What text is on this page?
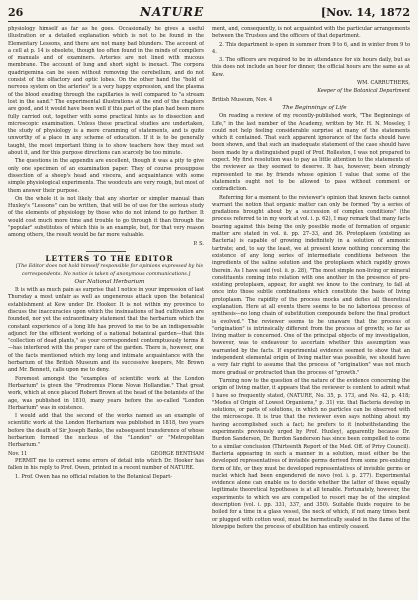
26	NATURE	[Nov. 14, 1872

physiology himself as far as he goes. Occasionally he gives a useful illustration or a detailed explanation which is not to be found in the Elementary Lessons, and there are not many bad blunders. The account of a cell at p. 14 is obsolete, though too often found in the minds of compilers of manuals and of examiners. Arteries are not lined with mucous membrane. The account of lung and short sight is inexact. The corpora quadrigemina can be seen without removing the cerebellum, and do not consist of the olfactory and optic lobes. On the other hand the "hold of nervous system on the arteries" is a very happy expression, and the plasma of the blood exuding through the capillaries is well compared to "a stream lost in the sand." The experimental illustrations at the end of the chapters are good, and it would have been well if this part of the plan had been more fully carried out, together with some practical hints as to dissection and microscopic examination. Unless these practical studies are undertaken, the study of physiology is a mere cramming of statements, and is quite unworthy of a place in any scheme of education. If it is to be generally taught, the most important thing is to show teachers how they must set about it, and for this purpose directions can scarcely be too minute.

The questions in the appendix are excellent, though it was a pity to give only one specimen of an examination paper. They of course presuppose dissection of a sheep's head and viscera, and acquaintance with some simple physiological experiments. The woodcuts are very rough, but most of them answer their purpose.

On the whole it is not likely that any shorter or simpler manual than Huxley's "Lessons" can be written, that will be of use for the serious study of the elements of physiology by those who do not intend to go further. It would cost much more time and trouble to go through it than through the "popular" substitutes of which this is an example, but, for that very reason among others, the result would be far more valuable.

P. S.

LETTERS TO THE EDITOR

[The Editor does not hold himself responsible for opinions expressed by his correspondents. No notice is taken of anonymous communications.]

Our National Herbarium

It is with as much pain as surprise that I notice in your impression of last Thursday a most unfair as well as ungenerous attack upon the botanical establishment at Kew under Dr. Hooker. It is not within my province to discuss the inaccuracies upon which the insinuations of bad cultivation are founded, nor yet the extraordinary statement that the herbarium which the constant experience of a long life has proved to me to be an indispensable adjunct for the efficient working of a national botanical garden—that this "collection of dead plants," as your correspondent contemptuously terms it—has interfered with the proper care of the garden. There is, however, one of the facts mentioned which my long and intimate acquaintance with the herbarium of the British Museum and its successive keepers, Mr. Brown and Mr. Bennett, calls upon me to deny.

Foremost amongst the "examples of scientific work at the London Herbarium" is given the "Prodromus Floræ Novæ Hollandiæ." That great work, which at once placed Robert Brown at the head of the botanists of the age, was published in 1810, many years before the so-called "London Herbarium" was in existence.

I would add that the second of the works named as an example of scientific work at the London Herbarium was published in 1818, two years before the death of Sir Joseph Banks, the subsequent transference of whose herbarium formed the nucleus of the "London" or "Metropolitan Herbarium."

Nov. 11	GEORGE BENTHAM

PERMIT me to correct some errors of detail into which Dr. Hooker has fallen in his reply to Prof. Owen, printed in a recent number of NATURE.

1. Prof. Owen has no official relation to the Botanical Depart-

ment, and, consequently, is not acquainted with the particular arrangements between the Trustees and the officers of that department.

2. This department is open in summer from 9 to 6, and in winter from 9 to 4.

3. The officers are required to be in attendance for six hours daily, but as this does not include an hour for dinner, the official hours are the same as at Kew.

WM. CARRUTHERS,

Keeper of the Botanical Department

British Museum, Nov. 4

The Beginnings of Life

On reading a review of my recently-published work, "The Beginnings of Life," in the last number of the Academy, written by Mr. H. N. Moseley, I could not help feeling considerable surprise at many of the statements which it contained. That such apparent ignorance of the facts should have been shown, and that such an inadequate statement of the case should have been made by a distinguished pupil of Prof. Rolleston, I was not prepared to expect. My first resolution was to pay as little attention to the statements of the reviewer as they seemed to deserve. It has, however, been strongly represented to me by friends whose opinion I value that some of the statements ought not to be allowed to pass without comment or contradiction.

Referring for a moment to the reviewer's opinion that known facts cannot warrant the notion that organic matter can only be formed "by a series of gradations brought about by a succession of complex conditions" (the process referred to in my work at vol. i. p. 62), I may remark that many facts bearing against this being the only possible mode of formation of organic matter are stated in vol. ii. pp. 27–33, and 36. Protoplasm (existing as Bacteria) is capable of growing indefinitely in a solution of ammonic tartrate; and, to say the least, we at present know nothing concerning the existence of any long series of intermediate conditions between the ingredients of the saline solution and the protoplasm which rapidly grows therein. As I have said (vol. ii. p. 28), "The most simple non-living or mineral constituents coming into relation with one another in the presence of pre-existing protoplasm, appear, for aught we know to the contrary, to fall at once into those subtle combinations which constitute the basis of living protoplasm. The rapidity of the process mocks and defies all theoretical explanation. Here at all events there seems to be no laborious process of synthesis—no long chain of substitution compounds before the final product is evolved." The reviewer seems to be unaware that the process of "origination" is intrinsically different from the process of growth; so far as living matter is concerned. One of the principal objects of my investigation, however, was to endeavour to ascertain whether this assumption was warranted by the facts. If experimental evidence seemed to show that an independent elemental origin of living matter was possible, we should have a very fair right to assume that the process of "origination" was not much more gradual or protracted than the process of "growth."

Turning now to the question of the nature of the evidence concerning the origin of living matter, it appears that the reviewer is content to admit what I have so frequently stated, (NATURE, No. 35, p. 173, and No. 42, p. 418; "Modes of Origin of Lowest Organisms," p. 31) viz. that Bacteria develop in solutions, or parts of solutions, in which no particles can be observed with the microscope. It is true that the reviewer even says nothing about my having accomplished such a fact; he prefers to it (notwithstanding the experiments previously urged by Prof. Huxley), apparently because Dr. Burdon Sanderson, Dr. Burdon Sanderson has since been compelled to come to a similar conclusion (Thirteenth Report of the Med. Off. of Privy Council). Bacteria appearing in such a manner in a solution, must either be the developed representatives of invisible germs derived from some pre-existing form of life, or they must be developed representatives of invisible germs or nuclei which had been engendered de novo (vol. i. p. 277). Experimental evidence alone can enable us to decide whether the latter of these equally legitimate theoretical hypotheses is at all tenable. Fortunately, however, the experiments to which we are compelled to resort may be of the simplest description (vol. i. pp. 331, 337, and 350). Suitable fluids require to be boiled for a time in a glass vessel, the neck of which, if not many times bent or plugged with cotton wool, must be hermetically sealed in the flame of the blowpipe before the process of ebullition has entirely ceased.
